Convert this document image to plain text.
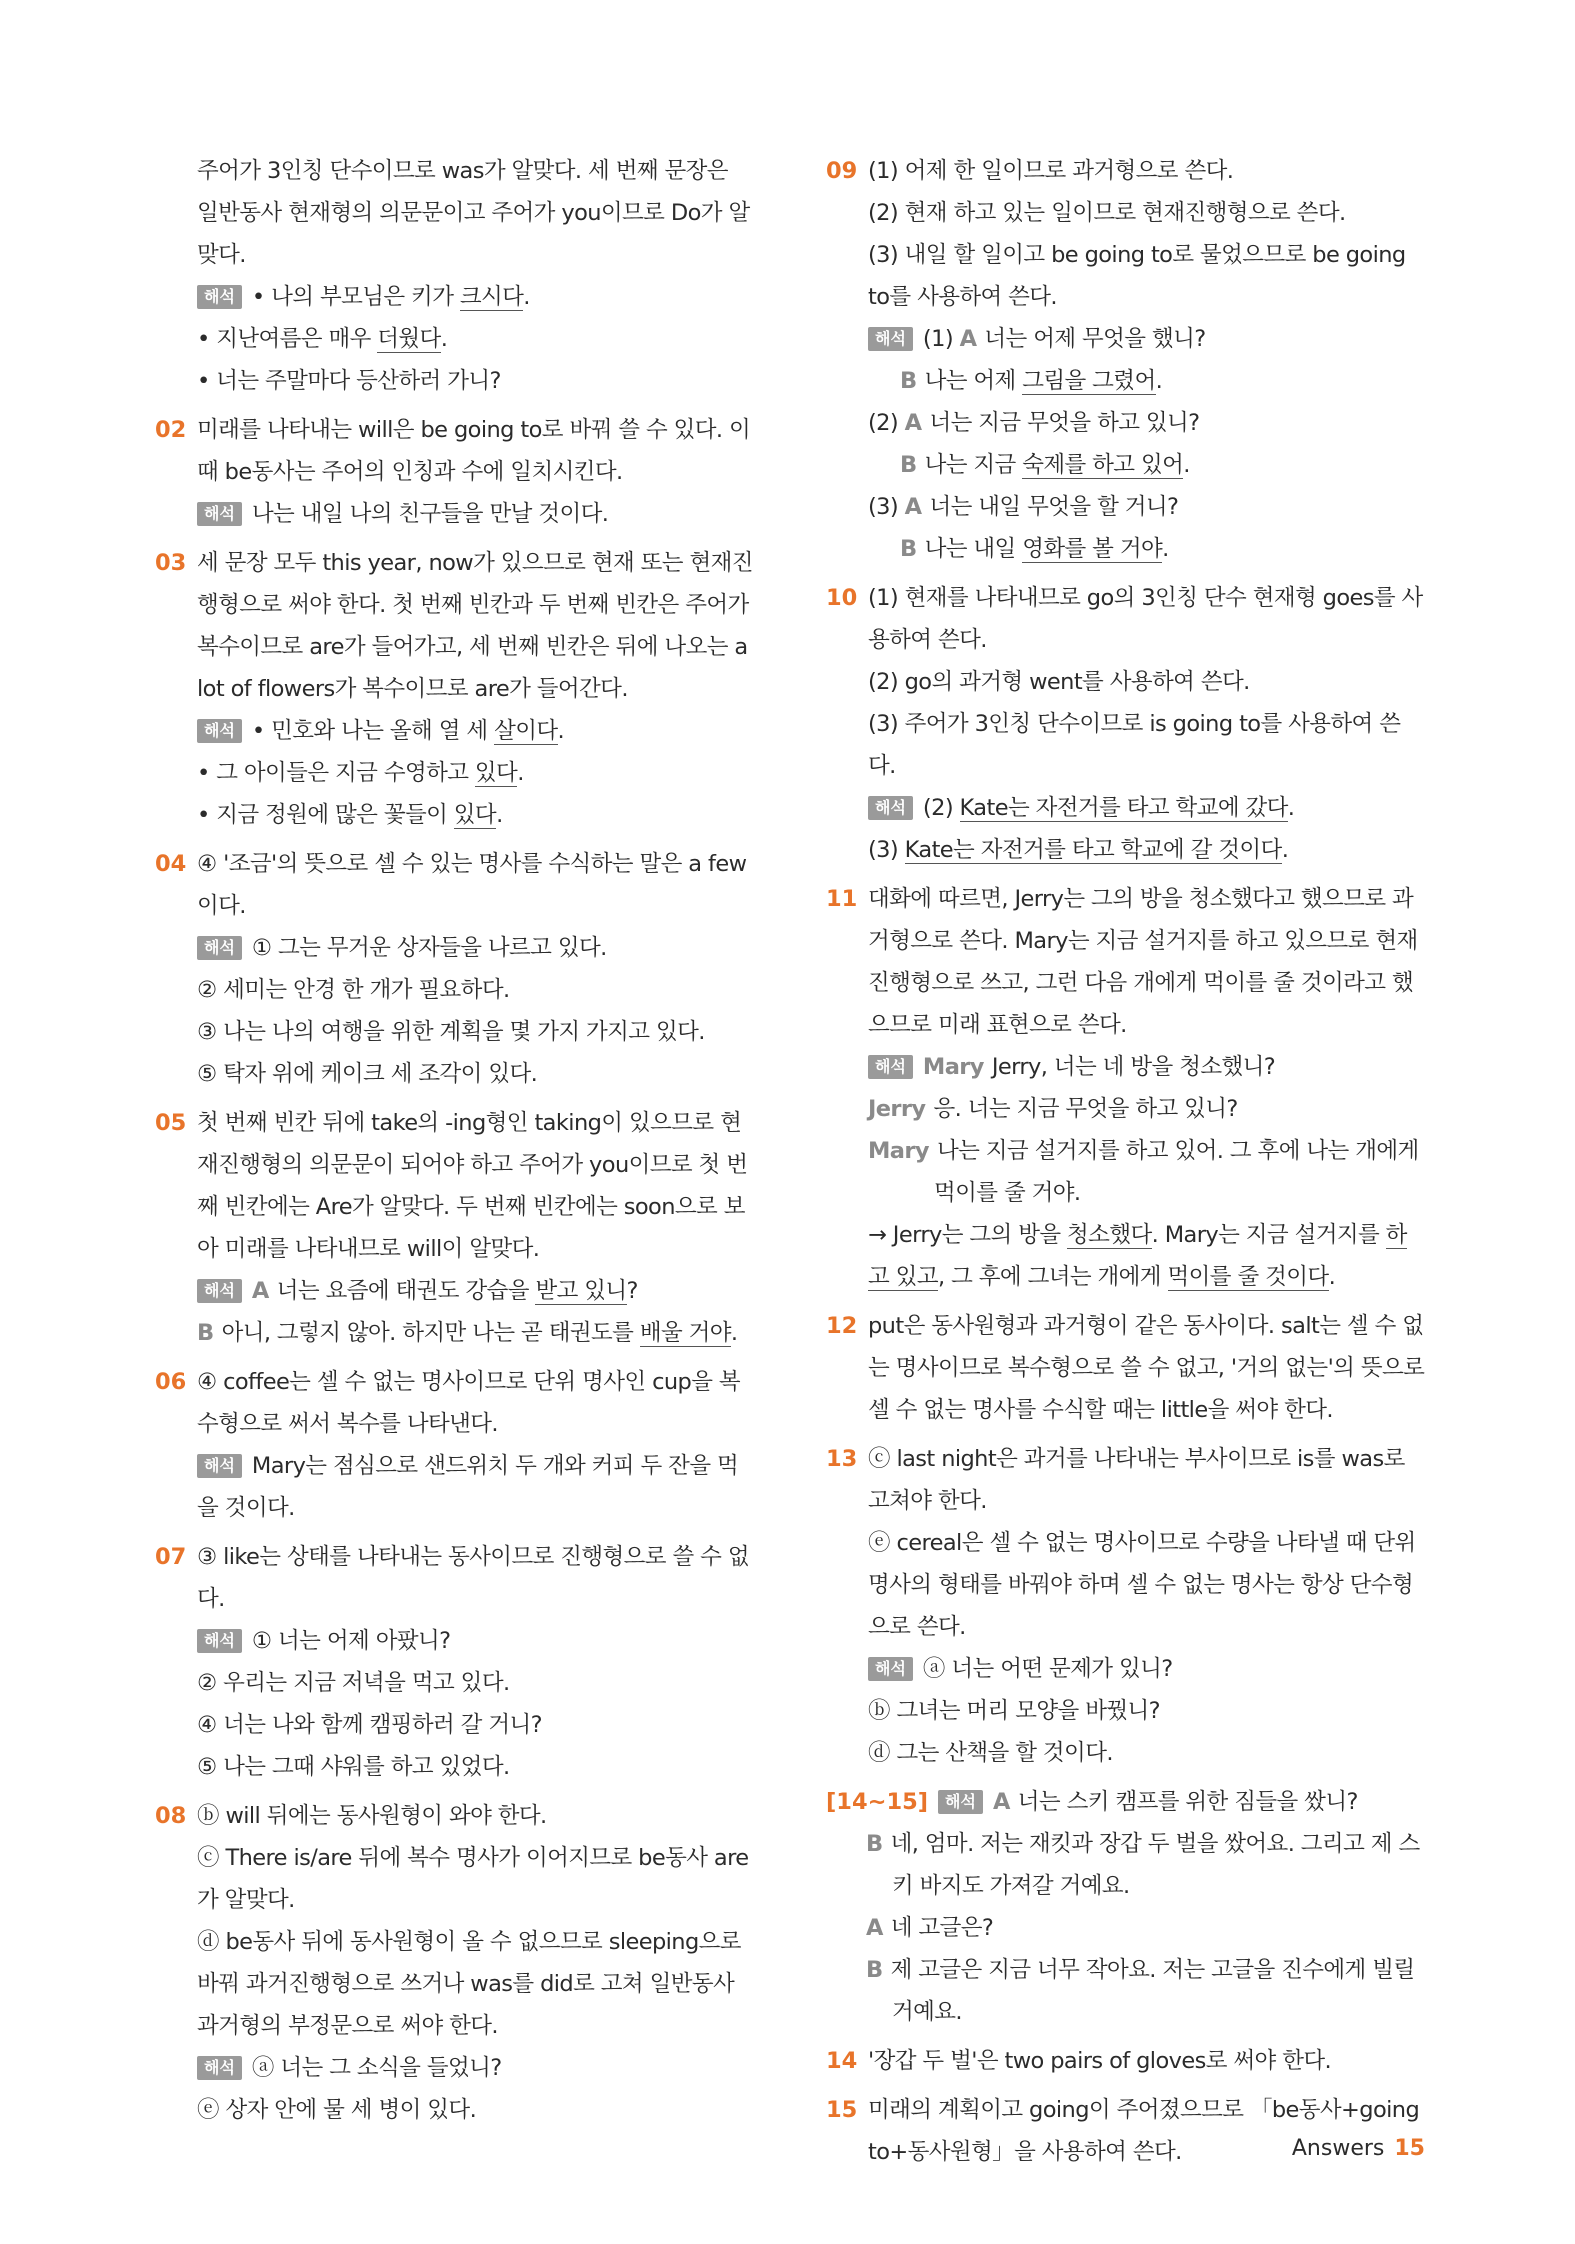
주어가 3인칭 단수이므로 was가 알맞다. 세 번째 문장은 일반동사 현재형의 의문문이고 주어가 you이므로 Do가 알맞다.
해석 • 나의 부모님은 키가 크시다.
• 지난여름은 매우 더웠다.
• 너는 주말마다 등산하러 가니?
02 미래를 나타내는 will은 be going to로 바꿔 쓸 수 있다. 이때 be동사는 주어의 인칭과 수에 일치시킨다.
해석 나는 내일 나의 친구들을 만날 것이다.
03 세 문장 모두 this year, now가 있으므로 현재 또는 현재진행형으로 써야 한다. 첫 번째 빈칸과 두 번째 빈칸은 주어가 복수이므로 are가 들어가고, 세 번째 빈칸은 뒤에 나오는 a lot of flowers가 복수이므로 are가 들어간다.
해석 • 민호와 나는 올해 열 세 살이다.
• 그 아이들은 지금 수영하고 있다.
• 지금 정원에 많은 꽃들이 있다.
04 ④ '조금'의 뜻으로 셀 수 있는 명사를 수식하는 말은 a few이다.
해석 ① 그는 무거운 상자들을 나르고 있다.
② 세미는 안경 한 개가 필요하다.
③ 나는 나의 여행을 위한 계획을 몇 가지 가지고 있다.
⑤ 탁자 위에 케이크 세 조각이 있다.
05 첫 번째 빈칸 뒤에 take의 -ing형인 taking이 있으므로 현재진행형의 의문문이 되어야 하고 주어가 you이므로 첫 번째 빈칸에는 Are가 알맞다. 두 번째 빈칸에는 soon으로 보아 미래를 나타내므로 will이 알맞다.
해석 A 너는 요즘에 태권도 강습을 받고 있니?
B 아니, 그렇지 않아. 하지만 나는 곧 태권도를 배울 거야.
06 ④ coffee는 셀 수 없는 명사이므로 단위 명사인 cup을 복수형으로 써서 복수를 나타낸다.
해석 Mary는 점심으로 샌드위치 두 개와 커피 두 잔을 먹을 것이다.
07 ③ like는 상태를 나타내는 동사이므로 진행형으로 쓸 수 없다.
해석 ① 너는 어제 아팠니?
② 우리는 지금 저녁을 먹고 있다.
④ 너는 나와 함께 캠핑하러 갈 거니?
⑤ 나는 그때 샤워를 하고 있었다.
08 ⓑ will 뒤에는 동사원형이 와야 한다.
ⓒ There is/are 뒤에 복수 명사가 이어지므로 be동사 are가 알맞다.
ⓓ be동사 뒤에 동사원형이 올 수 없으므로 sleeping으로 바꿔 과거진행형으로 쓰거나 was를 did로 고쳐 일반동사 과거형의 부정문으로 써야 한다.
해석 ⓐ 너는 그 소식을 들었니?
ⓔ 상자 안에 물 세 병이 있다.
09 (1) 어제 한 일이므로 과거형으로 쓴다.
(2) 현재 하고 있는 일이므로 현재진행형으로 쓴다.
(3) 내일 할 일이고 be going to로 물었으므로 be going to를 사용하여 쓴다.
해석 (1) A 너는 어제 무엇을 했니?
B 나는 어제 그림을 그렸어.
(2) A 너는 지금 무엇을 하고 있니?
B 나는 지금 숙제를 하고 있어.
(3) A 너는 내일 무엇을 할 거니?
B 나는 내일 영화를 볼 거야.
10 (1) 현재를 나타내므로 go의 3인칭 단수 현재형 goes를 사용하여 쓴다.
(2) go의 과거형 went를 사용하여 쓴다.
(3) 주어가 3인칭 단수이므로 is going to를 사용하여 쓴다.
해석 (2) Kate는 자전거를 타고 학교에 갔다.
(3) Kate는 자전거를 타고 학교에 갈 것이다.
11 대화에 따르면, Jerry는 그의 방을 청소했다고 했으므로 과거형으로 쓴다. Mary는 지금 설거지를 하고 있으므로 현재진행형으로 쓰고, 그런 다음 개에게 먹이를 줄 것이라고 했으므로 미래 표현으로 쓴다.
해석 Mary Jerry, 너는 네 방을 청소했니?
Jerry 응. 너는 지금 무엇을 하고 있니?
Mary 나는 지금 설거지를 하고 있어. 그 후에 나는 개에게 먹이를 줄 거야.
→ Jerry는 그의 방을 청소했다. Mary는 지금 설거지를 하고 있고, 그 후에 그녀는 개에게 먹이를 줄 것이다.
12 put은 동사원형과 과거형이 같은 동사이다. salt는 셀 수 없는 명사이므로 복수형으로 쓸 수 없고, '거의 없는'의 뜻으로 셀 수 없는 명사를 수식할 때는 little을 써야 한다.
13 ⓒ last night은 과거를 나타내는 부사이므로 is를 was로 고쳐야 한다.
ⓔ cereal은 셀 수 없는 명사이므로 수량을 나타낼 때 단위 명사의 형태를 바꿔야 하며 셀 수 없는 명사는 항상 단수형으로 쓴다.
해석 ⓐ 너는 어떤 문제가 있니?
ⓑ 그녀는 머리 모양을 바꿨니?
ⓓ 그는 산책을 할 것이다.
[14~15] 해석 A 너는 스키 캠프를 위한 짐들을 쌌니?
B 네, 엄마. 저는 재킷과 장갑 두 벌을 쌌어요. 그리고 제 스키 바지도 가져갈 거예요.
A 네 고글은?
B 제 고글은 지금 너무 작아요. 저는 고글을 진수에게 빌릴 거예요.
14 '장갑 두 벌'은 two pairs of gloves로 써야 한다.
15 미래의 계획이고 going이 주어졌으므로 「be동사+going to+동사원형」을 사용하여 쓴다.	Answers 15
